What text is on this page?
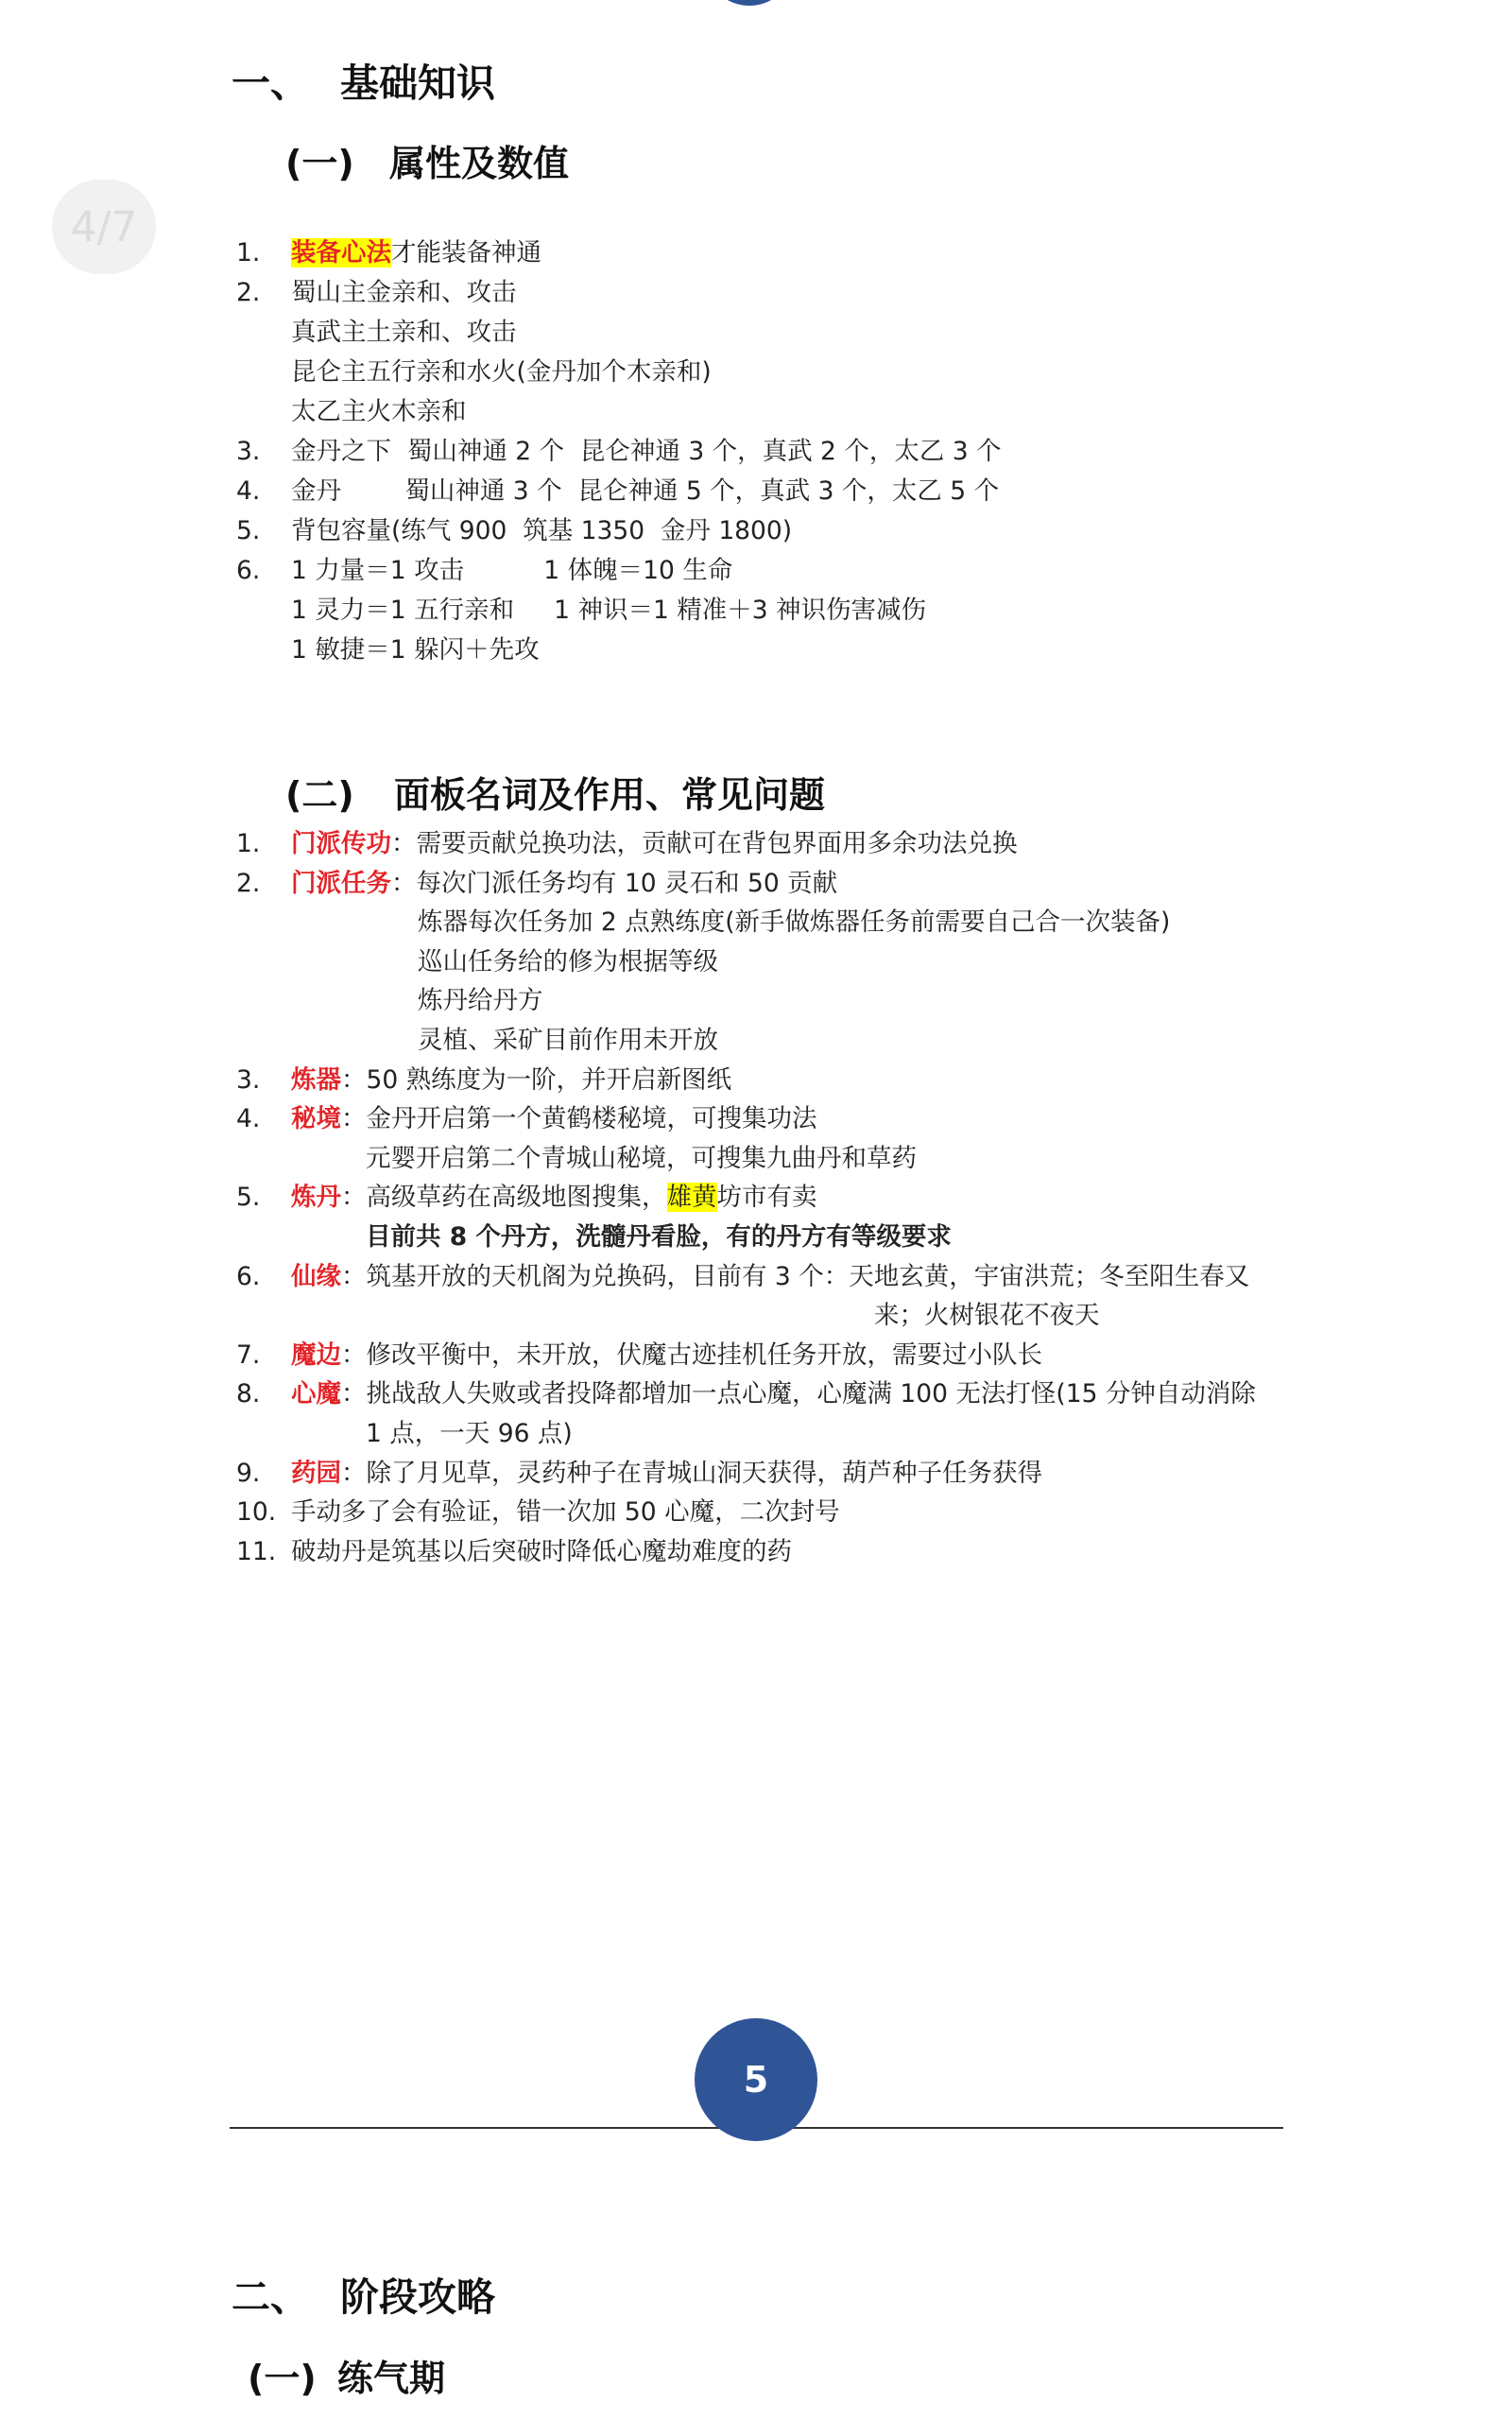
4/7
一、 基础知识
(一) 属性及数值
1.	装备心法才能装备神通
2.	蜀山主金亲和、攻击
真武主土亲和、攻击
昆仑主五行亲和水火(金丹加个木亲和)
太乙主火木亲和
3.	金丹之下  蜀山神通 2 个  昆仑神通 3 个，真武 2 个，太乙 3 个
4.	金丹        蜀山神通 3 个  昆仑神通 5 个，真武 3 个，太乙 5 个
5.	背包容量(练气 900  筑基 1350  金丹 1800)
6.	1 力量＝1 攻击          1 体魄＝10 生命
1 灵力＝1 五行亲和     1 神识＝1 精准＋3 神识伤害减伤
1 敏捷＝1 躲闪＋先攻
(二) 面板名词及作用、常见问题
1.	门派传功：需要贡献兑换功法，贡献可在背包界面用多余功法兑换
2.	门派任务：每次门派任务均有 10 灵石和 50 贡献
炼器每次任务加 2 点熟练度(新手做炼器任务前需要自己合一次装备)
巡山任务给的修为根据等级
炼丹给丹方
灵植、采矿目前作用未开放
3.	炼器：50 熟练度为一阶，并开启新图纸
4.	秘境：金丹开启第一个黄鹤楼秘境，可搜集功法
元婴开启第二个青城山秘境，可搜集九曲丹和草药
5.	炼丹：高级草药在高级地图搜集，雄黄坊市有卖
目前共 8 个丹方，洗髓丹看脸，有的丹方有等级要求
6.	仙缘：筑基开放的天机阁为兑换码，目前有 3 个：天地玄黄，宇宙洪荒；冬至阳生春又
来；火树银花不夜天
7.	魔边：修改平衡中，未开放，伏魔古迹挂机任务开放，需要过小队长
8.	心魔：挑战敌人失败或者投降都增加一点心魔，心魔满 100 无法打怪(15 分钟自动消除
1 点，一天 96 点)
9.	药园：除了月见草，灵药种子在青城山洞天获得，葫芦种子任务获得
10. 手动多了会有验证，错一次加 50 心魔，二次封号
11. 破劫丹是筑基以后突破时降低心魔劫难度的药
5
二、 阶段攻略
(一) 练气期
